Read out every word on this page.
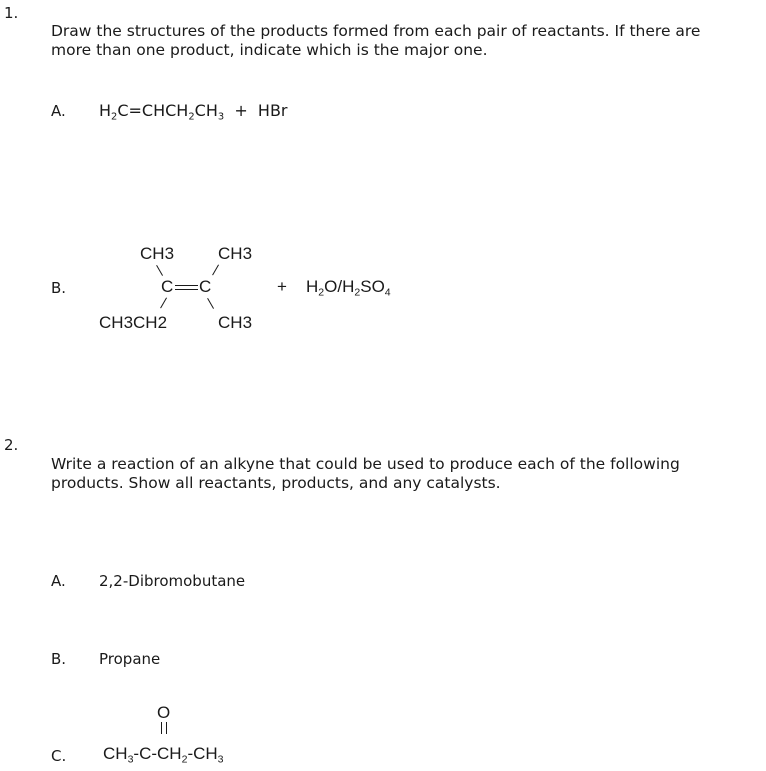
1.
Draw the structures of the products formed from each pair of reactants. If there are
more than one product, indicate which is the major one.
A. $H_2C=CHCH_2CH_3$ + HBr
B.
CH3	CH3
C C
CH3CH2	CH3
+ $H_2O/H_2SO_4$
2.
Write a reaction of an alkyne that could be used to produce each of the following
products. Show all reactants, products, and any catalysts.
A. 2,2-Dibromobutane
B. Propane
C.
O
$CH_3-C-CH_2-CH_3$
